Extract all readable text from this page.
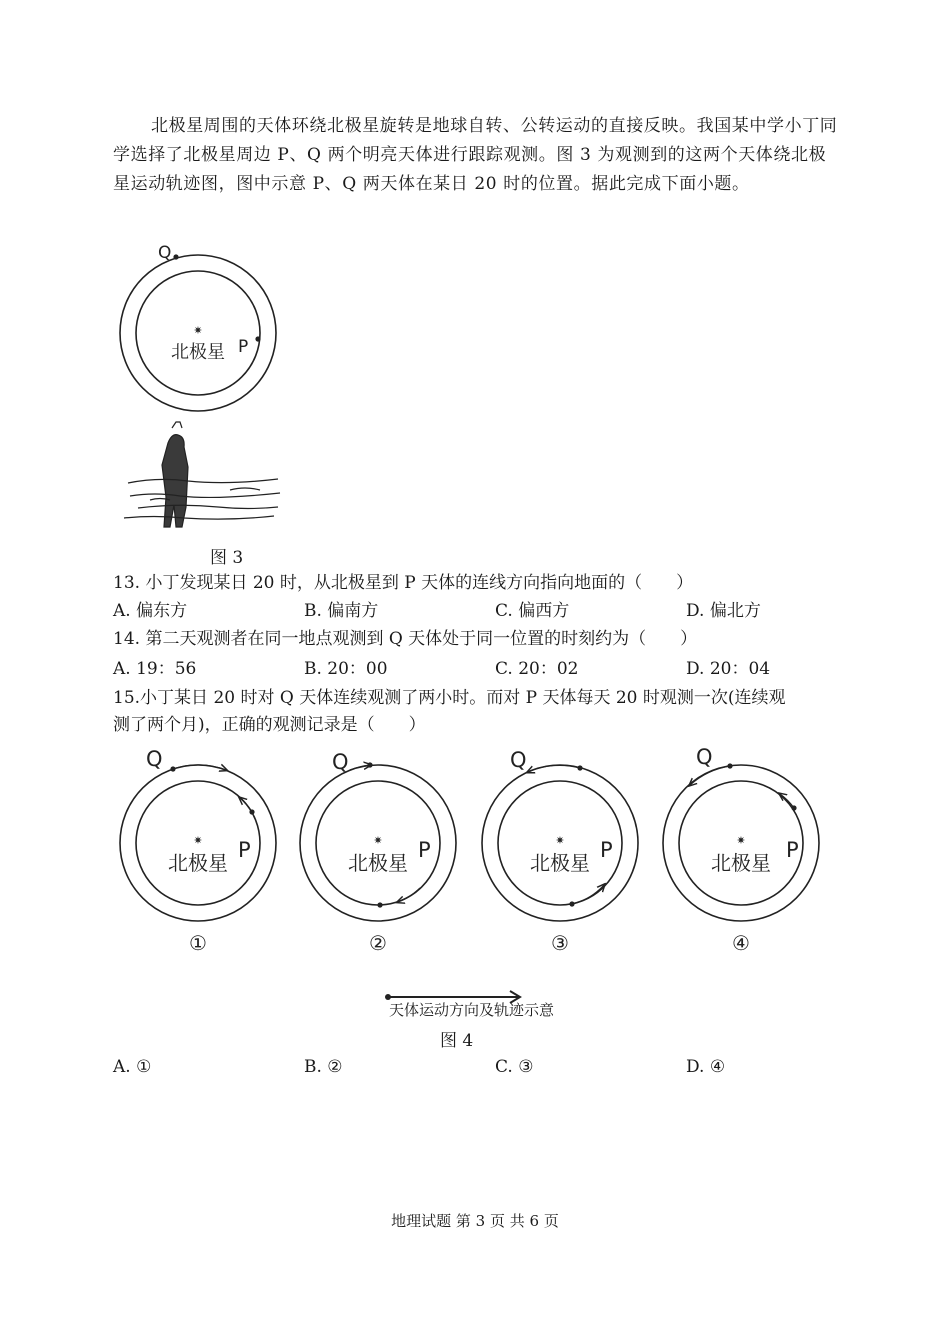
北极星周围的天体环绕北极星旋转是地球自转、公转运动的直接反映。我国某中学小丁同学选择了北极星周边 P、Q 两个明亮天体进行跟踪观测。图 3 为观测到的这两个天体绕北极星运动轨迹图，图中示意 P、Q 两天体在某日 20 时的位置。据此完成下面小题。
✷
Q
P
北极星
图 3
13. 小丁发现某日 20 时，从北极星到 P 天体的连线方向指向地面的（　　）
A. 偏东方	B. 偏南方	C. 偏西方	D. 偏北方
14. 第二天观测者在同一地点观测到 Q 天体处于同一位置的时刻约为（　　）
A. 19：56	B. 20：00	C. 20：02	D. 20：04
15.小丁某日 20 时对 Q 天体连续观测了两小时。而对 P 天体每天 20 时观测一次(连续观
测了两个月)，正确的观测记录是（　　）
✷
Q
P
北极星
①
✷
Q
P
北极星
②
✷
Q
P
北极星
③
✷
Q
P
北极星
④
天体运动方向及轨迹示意
图 4
A. ①	B. ②	C. ③	D. ④
地理试题 第 3 页 共 6 页
